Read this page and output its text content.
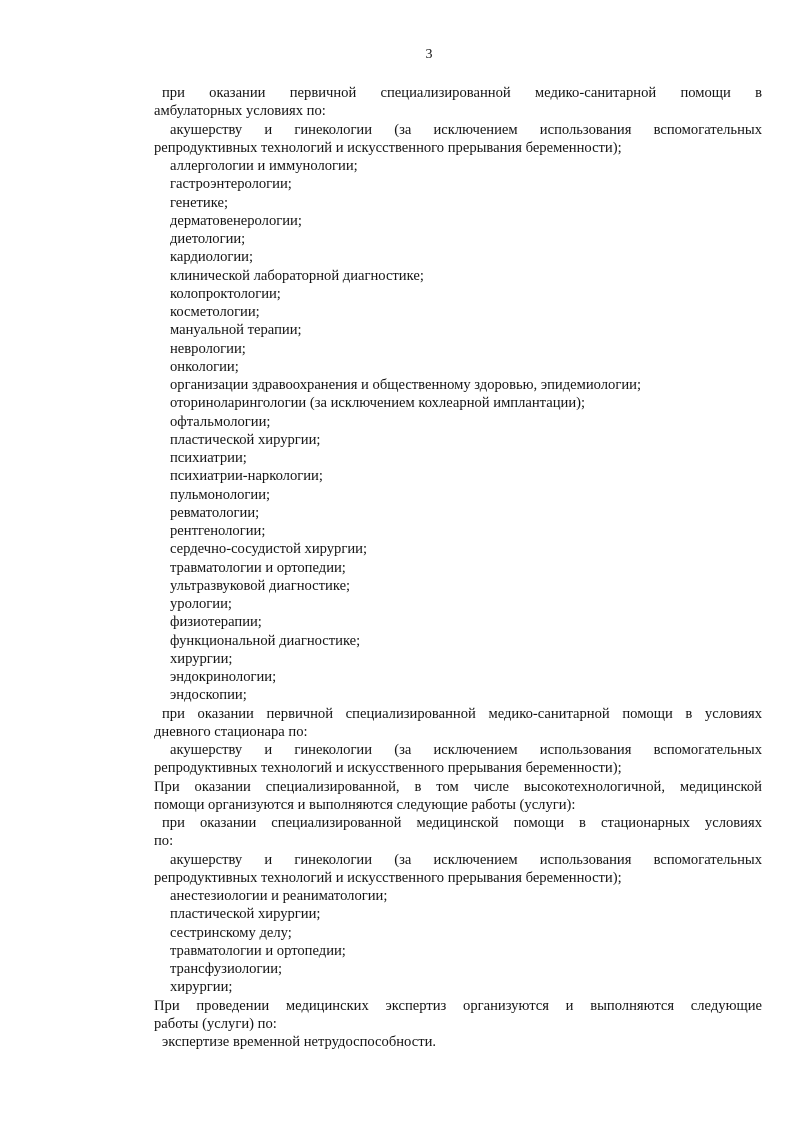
3
при оказании первичной специализированной медико-санитарной помощи в
амбулаторных условиях по:
акушерству и гинекологии (за исключением использования вспомогательных
репродуктивных технологий и искусственного прерывания беременности);
аллергологии и иммунологии;
гастроэнтерологии;
генетике;
дерматовенерологии;
диетологии;
кардиологии;
клинической лабораторной диагностике;
колопроктологии;
косметологии;
мануальной терапии;
неврологии;
онкологии;
организации здравоохранения и общественному здоровью, эпидемиологии;
оториноларингологии (за исключением кохлеарной имплантации);
офтальмологии;
пластической хирургии;
психиатрии;
психиатрии-наркологии;
пульмонологии;
ревматологии;
рентгенологии;
сердечно-сосудистой хирургии;
травматологии и ортопедии;
ультразвуковой диагностике;
урологии;
физиотерапии;
функциональной диагностике;
хирургии;
эндокринологии;
эндоскопии;
при оказании первичной специализированной медико-санитарной помощи в условиях
дневного стационара по:
акушерству и гинекологии (за исключением использования вспомогательных
репродуктивных технологий и искусственного прерывания беременности);
При оказании специализированной, в том числе высокотехнологичной, медицинской
помощи организуются и выполняются следующие работы (услуги):
при оказании специализированной медицинской помощи в стационарных условиях
по:
акушерству и гинекологии (за исключением использования вспомогательных
репродуктивных технологий и искусственного прерывания беременности);
анестезиологии и реаниматологии;
пластической хирургии;
сестринскому делу;
травматологии и ортопедии;
трансфузиологии;
хирургии;
При проведении медицинских экспертиз организуются и выполняются следующие
работы (услуги) по:
экспертизе временной нетрудоспособности.
